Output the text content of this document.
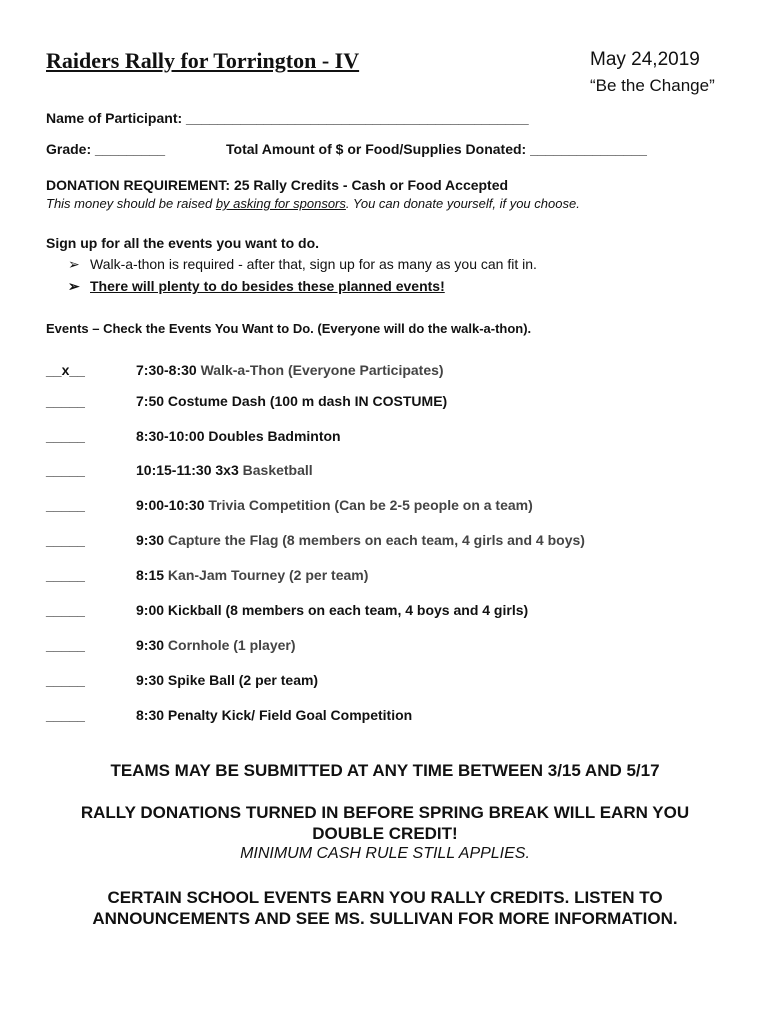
Raiders Rally for Torrington - IV	May 24,2019
“Be the Change”
Name of Participant: ____________________________________________
Grade: _________	Total Amount of $ or Food/Supplies Donated: _______________
DONATION REQUIREMENT: 25 Rally Credits - Cash or Food Accepted
This money should be raised by asking for sponsors. You can donate yourself, if you choose.
Sign up for all the events you want to do.
➢ Walk-a-thon is required - after that, sign up for as many as you can fit in.
➢ There will plenty to do besides these planned events!
Events – Check the Events You Want to Do. (Everyone will do the walk-a-thon).
__x__	7:30-8:30 Walk-a-Thon (Everyone Participates)
_____	7:50 Costume Dash (100 m dash IN COSTUME)
_____	8:30-10:00 Doubles Badminton
_____	10:15-11:30 3x3 Basketball
_____	9:00-10:30 Trivia Competition (Can be 2-5 people on a team)
_____	9:30 Capture the Flag (8 members on each team, 4 girls and 4 boys)
_____	8:15 Kan-Jam Tourney (2 per team)
_____	9:00 Kickball (8 members on each team, 4 boys and 4 girls)
_____	9:30 Cornhole (1 player)
_____	9:30 Spike Ball (2 per team)
_____	8:30 Penalty Kick/ Field Goal Competition
TEAMS MAY BE SUBMITTED AT ANY TIME BETWEEN 3/15 AND 5/17
RALLY DONATIONS TURNED IN BEFORE SPRING BREAK WILL EARN YOU
DOUBLE CREDIT!
MINIMUM CASH RULE STILL APPLIES.
CERTAIN SCHOOL EVENTS EARN YOU RALLY CREDITS. LISTEN TO
ANNOUNCEMENTS AND SEE MS. SULLIVAN FOR MORE INFORMATION.
